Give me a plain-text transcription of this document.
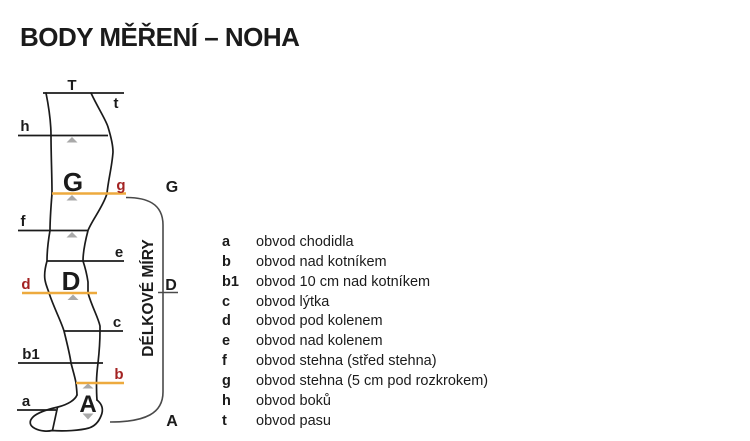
BODY MĚŘENÍ – NOHA
DÉLKOVÉ MÍRY
G
D
A
T
t
h
G g
f
e
d D
c
b1
b
a A
a	obvod chodidla
b	obvod nad kotníkem
b1	obvod 10 cm nad kotníkem
c	obvod lýtka
d	obvod pod kolenem
e	obvod nad kolenem
f	obvod stehna (střed stehna)
g	obvod stehna (5 cm pod rozkrokem)
h	obvod boků
t	obvod pasu
